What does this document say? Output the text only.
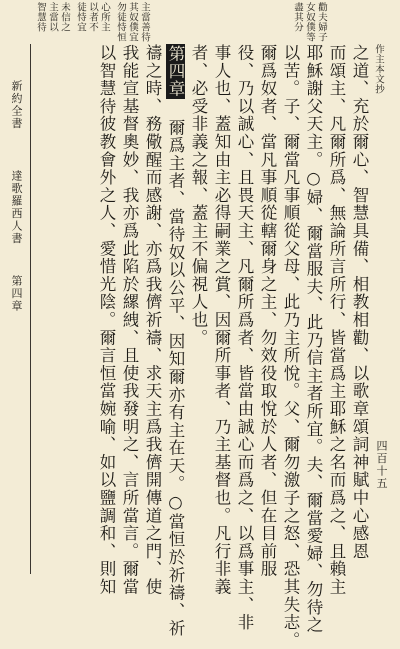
作主本文抄
勸夫婦子
女奴僕等
盡其分
主當善待
其奴僕宜
勿徒恃恒
心所主
以者不
徒恃宜
未信之
主當以
智慧待
之道、充於爾心、智慧具備、相教相勸、以歌章頌詞神賦中心感恩
而頌主、凡爾所爲、無論所言所行、皆當爲主耶穌之名而爲之、且賴主
耶穌謝父天主。○婦、爾當服夫、此乃信主者所宜。夫、爾當愛婦、勿待之
以苦。子、爾當凡事順從父母、此乃主所悅。父、爾勿激子之怒、恐其失志。
爾爲奴者、當凡事順從轄爾身之主、勿效役取悅於人者、但在目前服
役、乃以誠心、且畏天主、凡爾所爲者、皆當由誠心而爲之、以爲事主、非
事人也、蓋知由主必得嗣業之賞、因爾所事者、乃主基督也。凡行非義
者、必受非義之報、蓋主不偏視人也。
第四章 爾爲主者、當待奴以公平、因知爾亦有主在天。○當恒於祈禱、祈
禱之時、務儆醒而感謝、亦爲我儕祈禱、求天主爲我儕開傳道之門、使
我能宣基督奧妙、我亦爲此陷於縲絏、且使我發明之、言所當言。爾當
以智慧待彼教會外之人、愛惜光陰。爾言恒當婉喻、如以鹽調和、則知
新約全書
達歌羅西人書
第四章
四百十五
